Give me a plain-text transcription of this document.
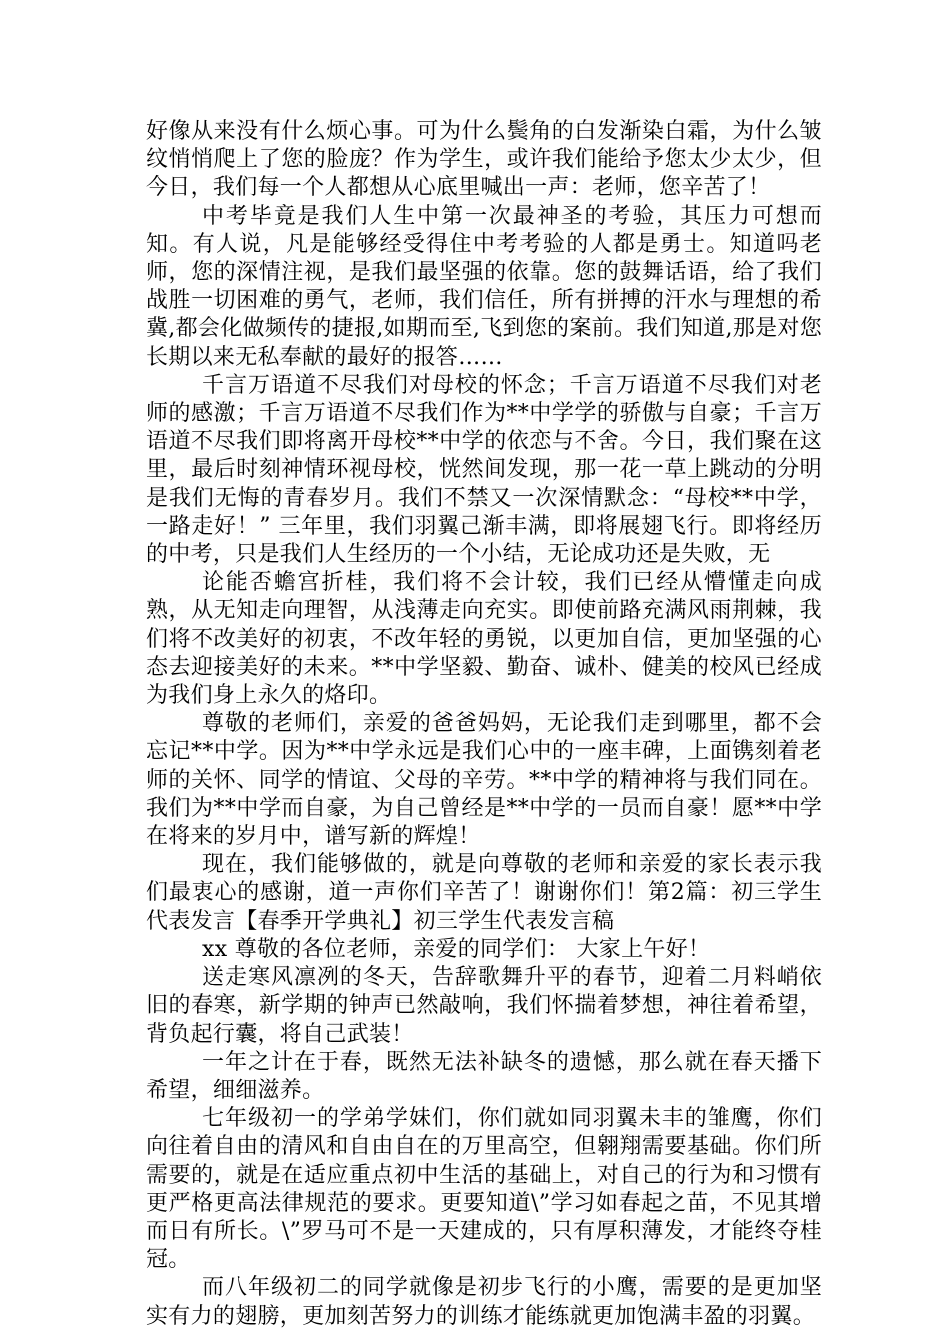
好像从来没有什么烦心事。可为什么鬓角的白发渐染白霜，为什么皱纹悄悄爬上了您的脸庞？作为学生，或许我们能给予您太少太少，但今日，我们每一个人都想从心底里喊出一声：老师，您辛苦了！

中考毕竟是我们人生中第一次最神圣的考验，其压力可想而知。有人说，凡是能够经受得住中考考验的人都是勇士。知道吗老师，您的深情注视，是我们最坚强的依靠。您的鼓舞话语，给了我们战胜一切困难的勇气，老师，我们信任，所有拼搏的汗水与理想的希冀,都会化做频传的捷报,如期而至,飞到您的案前。我们知道,那是对您长期以来无私奉献的最好的报答……

千言万语道不尽我们对母校的怀念；千言万语道不尽我们对老师的感激；千言万语道不尽我们作为**中学学的骄傲与自豪；千言万语道不尽我们即将离开母校**中学的依恋与不舍。今日，我们聚在这里，最后时刻神情环视母校，恍然间发现，那一花一草上跳动的分明是我们无悔的青春岁月。我们不禁又一次深情默念：“母校**中学，一路走好！” 三年里，我们羽翼己渐丰满，即将展翅飞行。即将经历的中考，只是我们人生经历的一个小结，无论成功还是失败，无

论能否蟾宫折桂，我们将不会计较，我们已经从懵懂走向成熟，从无知走向理智，从浅薄走向充实。即使前路充满风雨荆棘，我们将不改美好的初衷，不改年轻的勇锐，以更加自信，更加坚强的心态去迎接美好的未来。**中学坚毅、勤奋、诚朴、健美的校风已经成为我们身上永久的烙印。

尊敬的老师们，亲爱的爸爸妈妈，无论我们走到哪里，都不会忘记**中学。因为**中学永远是我们心中的一座丰碑，上面镌刻着老师的关怀、同学的情谊、父母的辛劳。**中学的精神将与我们同在。我们为**中学而自豪，为自己曾经是**中学的一员而自豪！愿**中学在将来的岁月中，谱写新的辉煌！

现在，我们能够做的，就是向尊敬的老师和亲爱的家长表示我们最衷心的感谢，道一声你们辛苦了！谢谢你们！第2篇：初三学生代表发言【春季开学典礼】初三学生代表发言稿

xx 尊敬的各位老师，亲爱的同学们： 大家上午好！

送走寒风凛冽的冬天，告辞歌舞升平的春节，迎着二月料峭依旧的春寒，新学期的钟声已然敲响，我们怀揣着梦想，神往着希望，背负起行囊，将自己武装！

一年之计在于春，既然无法补缺冬的遗憾，那么就在春天播下希望，细细滋养。

七年级初一的学弟学妹们，你们就如同羽翼未丰的雏鹰，你们向往着自由的清风和自由自在的万里高空，但翱翔需要基础。你们所需要的，就是在适应重点初中生活的基础上，对自己的行为和习惯有更严格更高法律规范的要求。更要知道\”学习如春起之苗，不见其增而日有所长。\”罗马可不是一天建成的，只有厚积薄发，才能终夺桂冠。

而八年级初二的同学就像是初步飞行的小鹰，需要的是更加坚实有力的翅膀，更加刻苦努力的训练才能练就更加饱满丰盈的羽翼。
